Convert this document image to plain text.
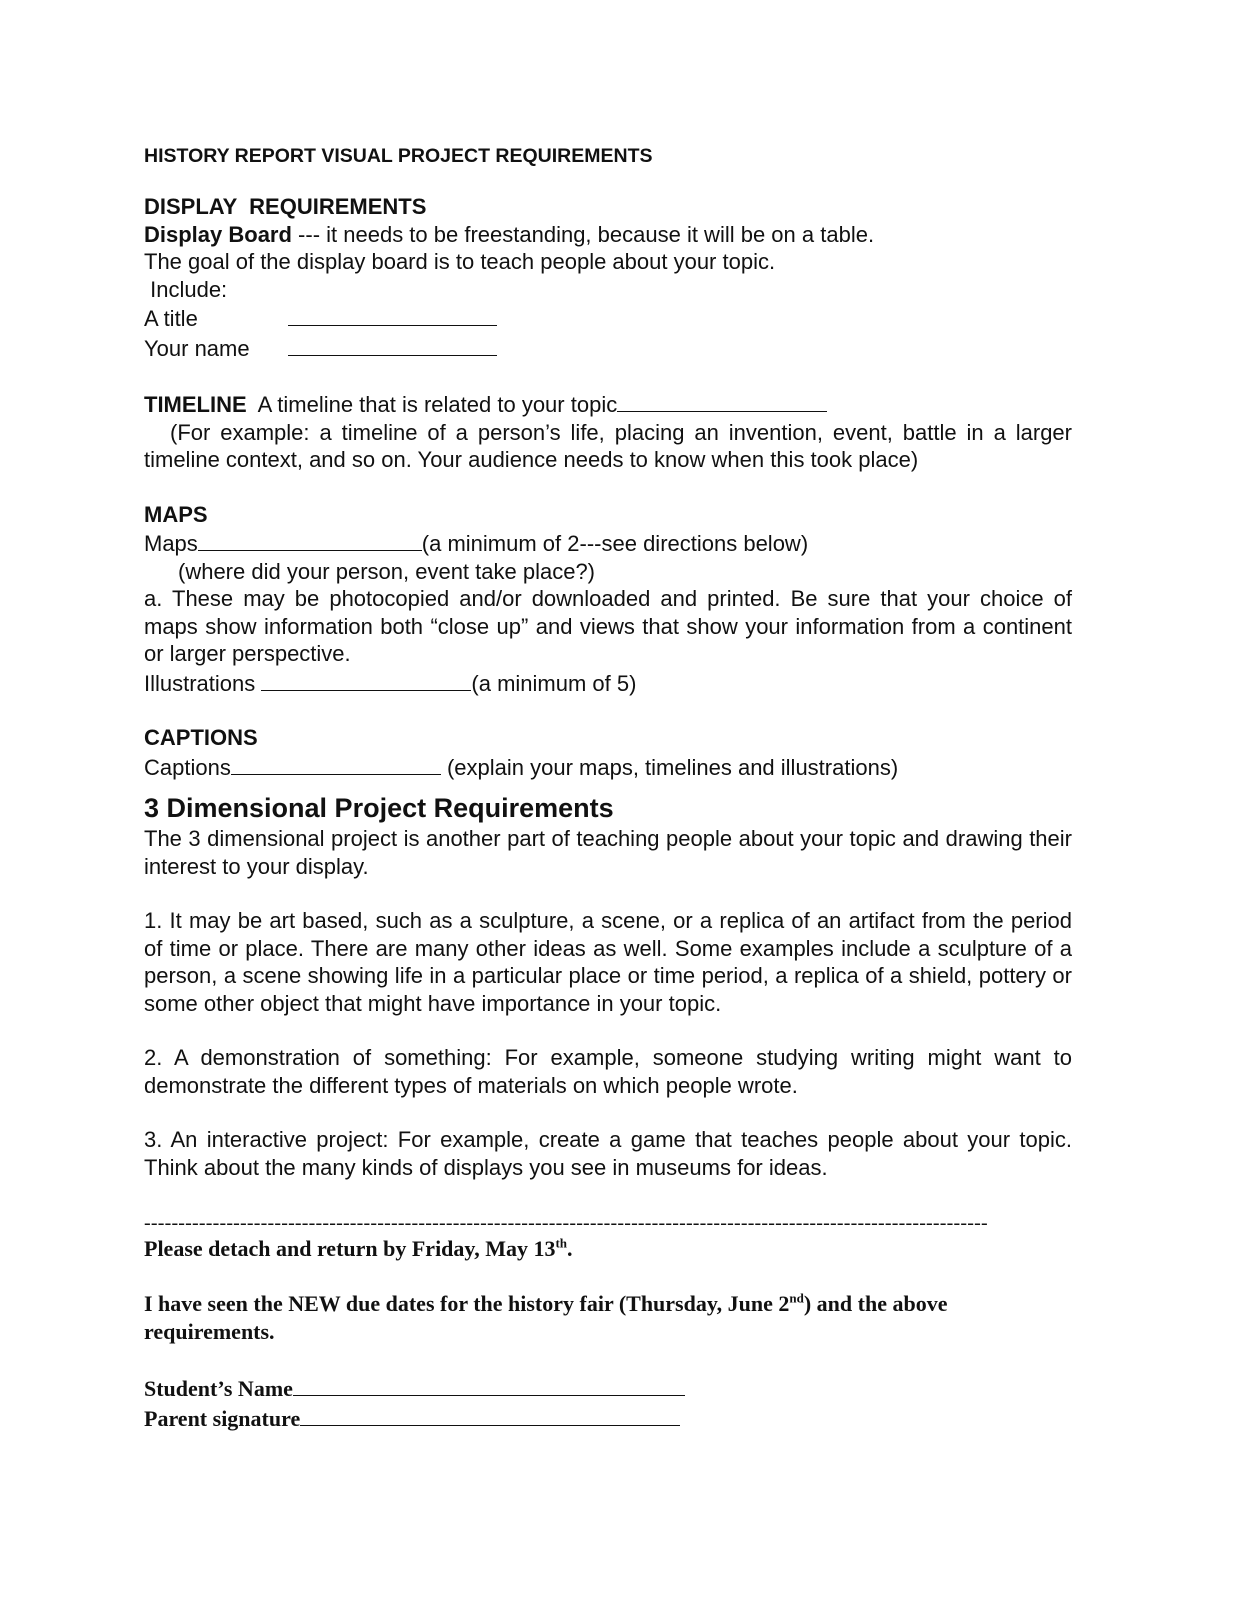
HISTORY REPORT VISUAL PROJECT REQUIREMENTS

DISPLAY  REQUIREMENTS

Display Board --- it needs to be freestanding, because it will be on a table.

The goal of the display board is to teach people about your topic.

Include:

A title

Your name

TIMELINE  A timeline that is related to your topic

(For example: a timeline of a person’s life, placing an invention, event, battle in a larger timeline context, and so on. Your audience needs to know when this took place)

MAPS

Maps	(a minimum of 2---see directions below)

(where did your person, event take place?)

a. These may be photocopied and/or downloaded and printed. Be sure that your choice of maps show information both “close up” and views that show your information from a continent or larger perspective.

Illustrations	(a minimum of 5)

CAPTIONS

Captions	(explain your maps, timelines and illustrations)

3 Dimensional Project Requirements

The 3 dimensional project is another part of teaching people about your topic and drawing their interest to your display.

1. It may be art based, such as a sculpture, a scene, or a replica of an artifact from the period of time or place. There are many other ideas as well. Some examples include a sculpture of a person, a scene showing life in a particular place or time period, a replica of a shield, pottery or some other object that might have importance in your topic.

2. A demonstration of something: For example, someone studying writing might want to demonstrate the different types of materials on which people wrote.

3. An interactive project: For example, create a game that teaches people about your topic. Think about the many kinds of displays you see in museums for ideas.

---------------------------------------------------------------------------------------------------------------------------

Please detach and return by Friday, May 13th.

I have seen the NEW due dates for the history fair (Thursday, June 2nd) and the above requirements.

Student’s Name

Parent signature
